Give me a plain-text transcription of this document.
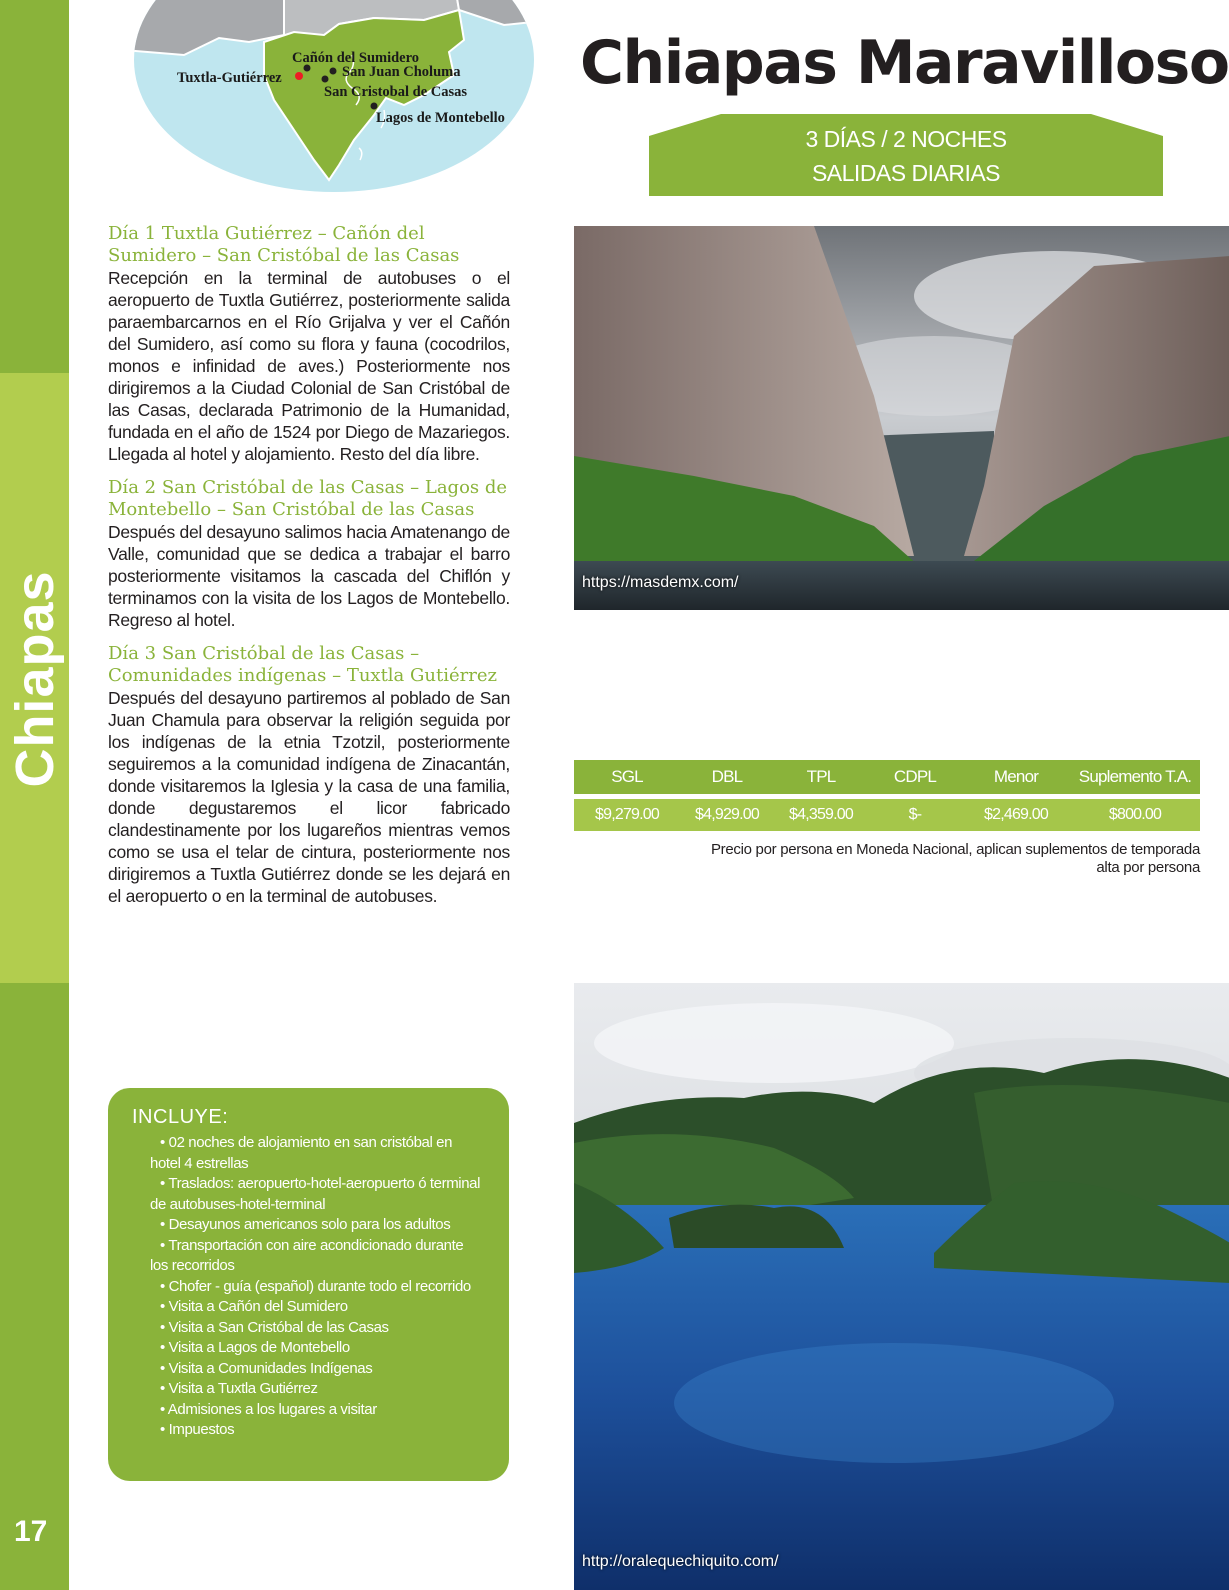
Chiapas
17
Tuxtla-Gutiérrez
Cañón del Sumidero
San Juan Choluma
San Cristobal de Casas
Lagos de Montebello
Chiapas Maravilloso
3 DÍAS / 2 NOCHES
SALIDAS DIARIAS

Día 1 Tuxtla Gutiérrez – Cañón del Sumidero – San Cristóbal de las Casas

Recepción en la terminal de autobuses o el aeropuerto de Tuxtla Gutiérrez, posteriormente salida paraembarcarnos en el Río Grijalva y ver el Cañón del Sumidero, así como su flora y fauna (cocodrilos, monos e infinidad de aves.) Posteriormente nos dirigiremos a la Ciudad Colonial de San Cristóbal de las Casas, declarada Patrimonio de la Humanidad, fundada en el año de 1524 por Diego de Mazariegos. Llegada al hotel y alojamiento. Resto del día libre.

Día 2 San Cristóbal de las Casas – Lagos de Montebello – San Cristóbal de las Casas

Después del desayuno salimos hacia Amatenango de Valle, comunidad que se dedica a trabajar el barro posteriormente visitamos la cascada del Chiflón y terminamos con la visita de los Lagos de Montebello. Regreso al hotel.

Día 3 San Cristóbal de las Casas – Comunidades indígenas – Tuxtla Gutiérrez

Después del desayuno partiremos al poblado de San Juan Chamula para observar la religión seguida por los indígenas de la etnia Tzotzil, posteriormente seguiremos a la comunidad indígena de Zinacantán, donde visitaremos la Iglesia y la casa de una familia, donde degustaremos el licor fabricado clandestinamente por los lugareños mientras vemos como se usa el telar de cintura, posteriormente nos dirigiremos a Tuxtla Gutiérrez donde se les dejará en el aeropuerto o en la terminal de autobuses.

https://masdemx.com/
SGL	DBL	TPL	CDPL	Menor	Suplemento T.A.
$9,279.00	$4,929.00	$4,359.00	$-	$2,469.00	$800.00
Precio por persona en Moneda Nacional, aplican suplementos de temporada alta por persona
INCLUYE:
• 02 noches de alojamiento en san cristóbal en hotel 4 estrellas
• Traslados: aeropuerto-hotel-aeropuerto ó terminal de autobuses-hotel-terminal
• Desayunos americanos solo para los adultos
• Transportación con aire acondicionado durante los recorridos
• Chofer - guía (español) durante todo el recorrido
• Visita a Cañón del Sumidero
• Visita a San Cristóbal de las Casas
• Visita a Lagos de Montebello
• Visita a Comunidades Indígenas
• Visita a Tuxtla Gutiérrez
• Admisiones a los lugares a visitar
• Impuestos
http://oralequechiquito.com/
